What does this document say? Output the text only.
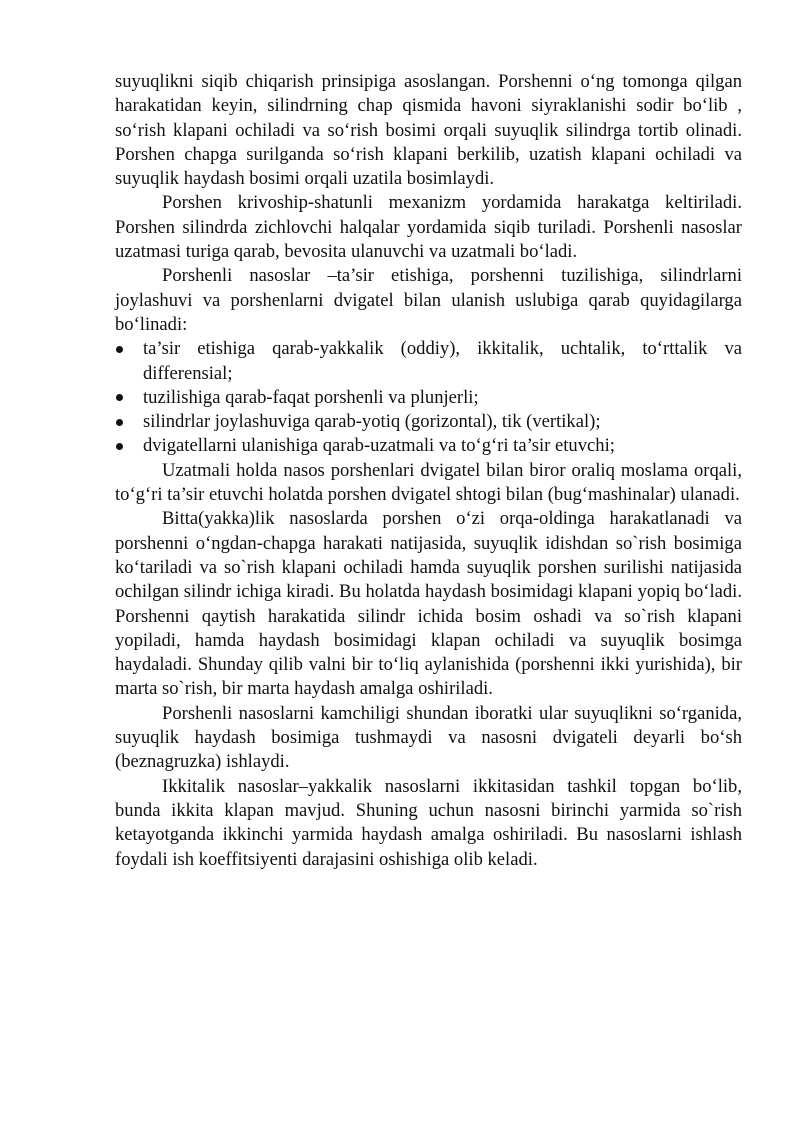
suyuqlikni siqib chiqarish prinsipiga asoslangan. Porshenni o‘ng tomonga qilgan harakatidan keyin, silindrning chap qismida havoni siyraklanishi sodir bo‘lib , so‘rish klapani ochiladi va so‘rish bosimi orqali suyuqlik silindrga tortib olinadi. Porshen chapga surilganda so‘rish klapani berkilib, uzatish klapani ochiladi va suyuqlik haydash bosimi orqali uzatila bosimlaydi.

Porshen krivoship-shatunli mexanizm yordamida harakatga keltiriladi. Porshen silindrda zichlovchi halqalar yordamida siqib turiladi. Porshenli nasoslar uzatmasi turiga qarab, bevosita ulanuvchi va uzatmali bo‘ladi.

Porshenli nasoslar –ta’sir etishiga, porshenni tuzilishiga, silindrlarni joylashuvi va porshenlarni dvigatel bilan ulanish uslubiga qarab quyidagilarga bo‘linadi:

ta’sir etishiga qarab-yakkalik (oddiy), ikkitalik, uchtalik, to‘rttalik va differensial;
tuzilishiga qarab-faqat porshenli va plunjerli;
silindrlar joylashuviga qarab-yotiq (gorizontal), tik (vertikal);
dvigatellarni ulanishiga qarab-uzatmali va to‘g‘ri ta’sir etuvchi;

Uzatmali holda nasos porshenlari dvigatel bilan biror oraliq moslama orqali, to‘g‘ri ta’sir etuvchi holatda porshen dvigatel shtogi bilan (bug‘mashinalar) ulanadi.

Bitta(yakka)lik nasoslarda porshen o‘zi orqa-oldinga harakatlanadi va porshenni o‘ngdan-chapga harakati natijasida, suyuqlik idishdan so`rish bosimiga ko‘tariladi va so`rish klapani ochiladi hamda suyuqlik porshen surilishi natijasida ochilgan silindr ichiga kiradi. Bu holatda haydash bosimidagi klapani yopiq bo‘ladi. Porshenni qaytish harakatida silindr ichida bosim oshadi va so`rish klapani yopiladi, hamda haydash bosimidagi klapan ochiladi va suyuqlik bosimga haydaladi. Shunday qilib valni bir to‘liq aylanishida (porshenni ikki yurishida), bir marta so`rish, bir marta haydash amalga oshiriladi.

Porshenli nasoslarni kamchiligi shundan iboratki ular suyuqlikni so‘rganida, suyuqlik haydash bosimiga tushmaydi va nasosni dvigateli deyarli bo‘sh (beznagruzka) ishlaydi.

Ikkitalik nasoslar–yakkalik nasoslarni ikkitasidan tashkil topgan bo‘lib, bunda ikkita klapan mavjud. Shuning uchun nasosni birinchi yarmida so`rish ketayotganda ikkinchi yarmida haydash amalga oshiriladi. Bu nasoslarni ishlash foydali ish koeffitsiyenti darajasini oshishiga olib keladi.
